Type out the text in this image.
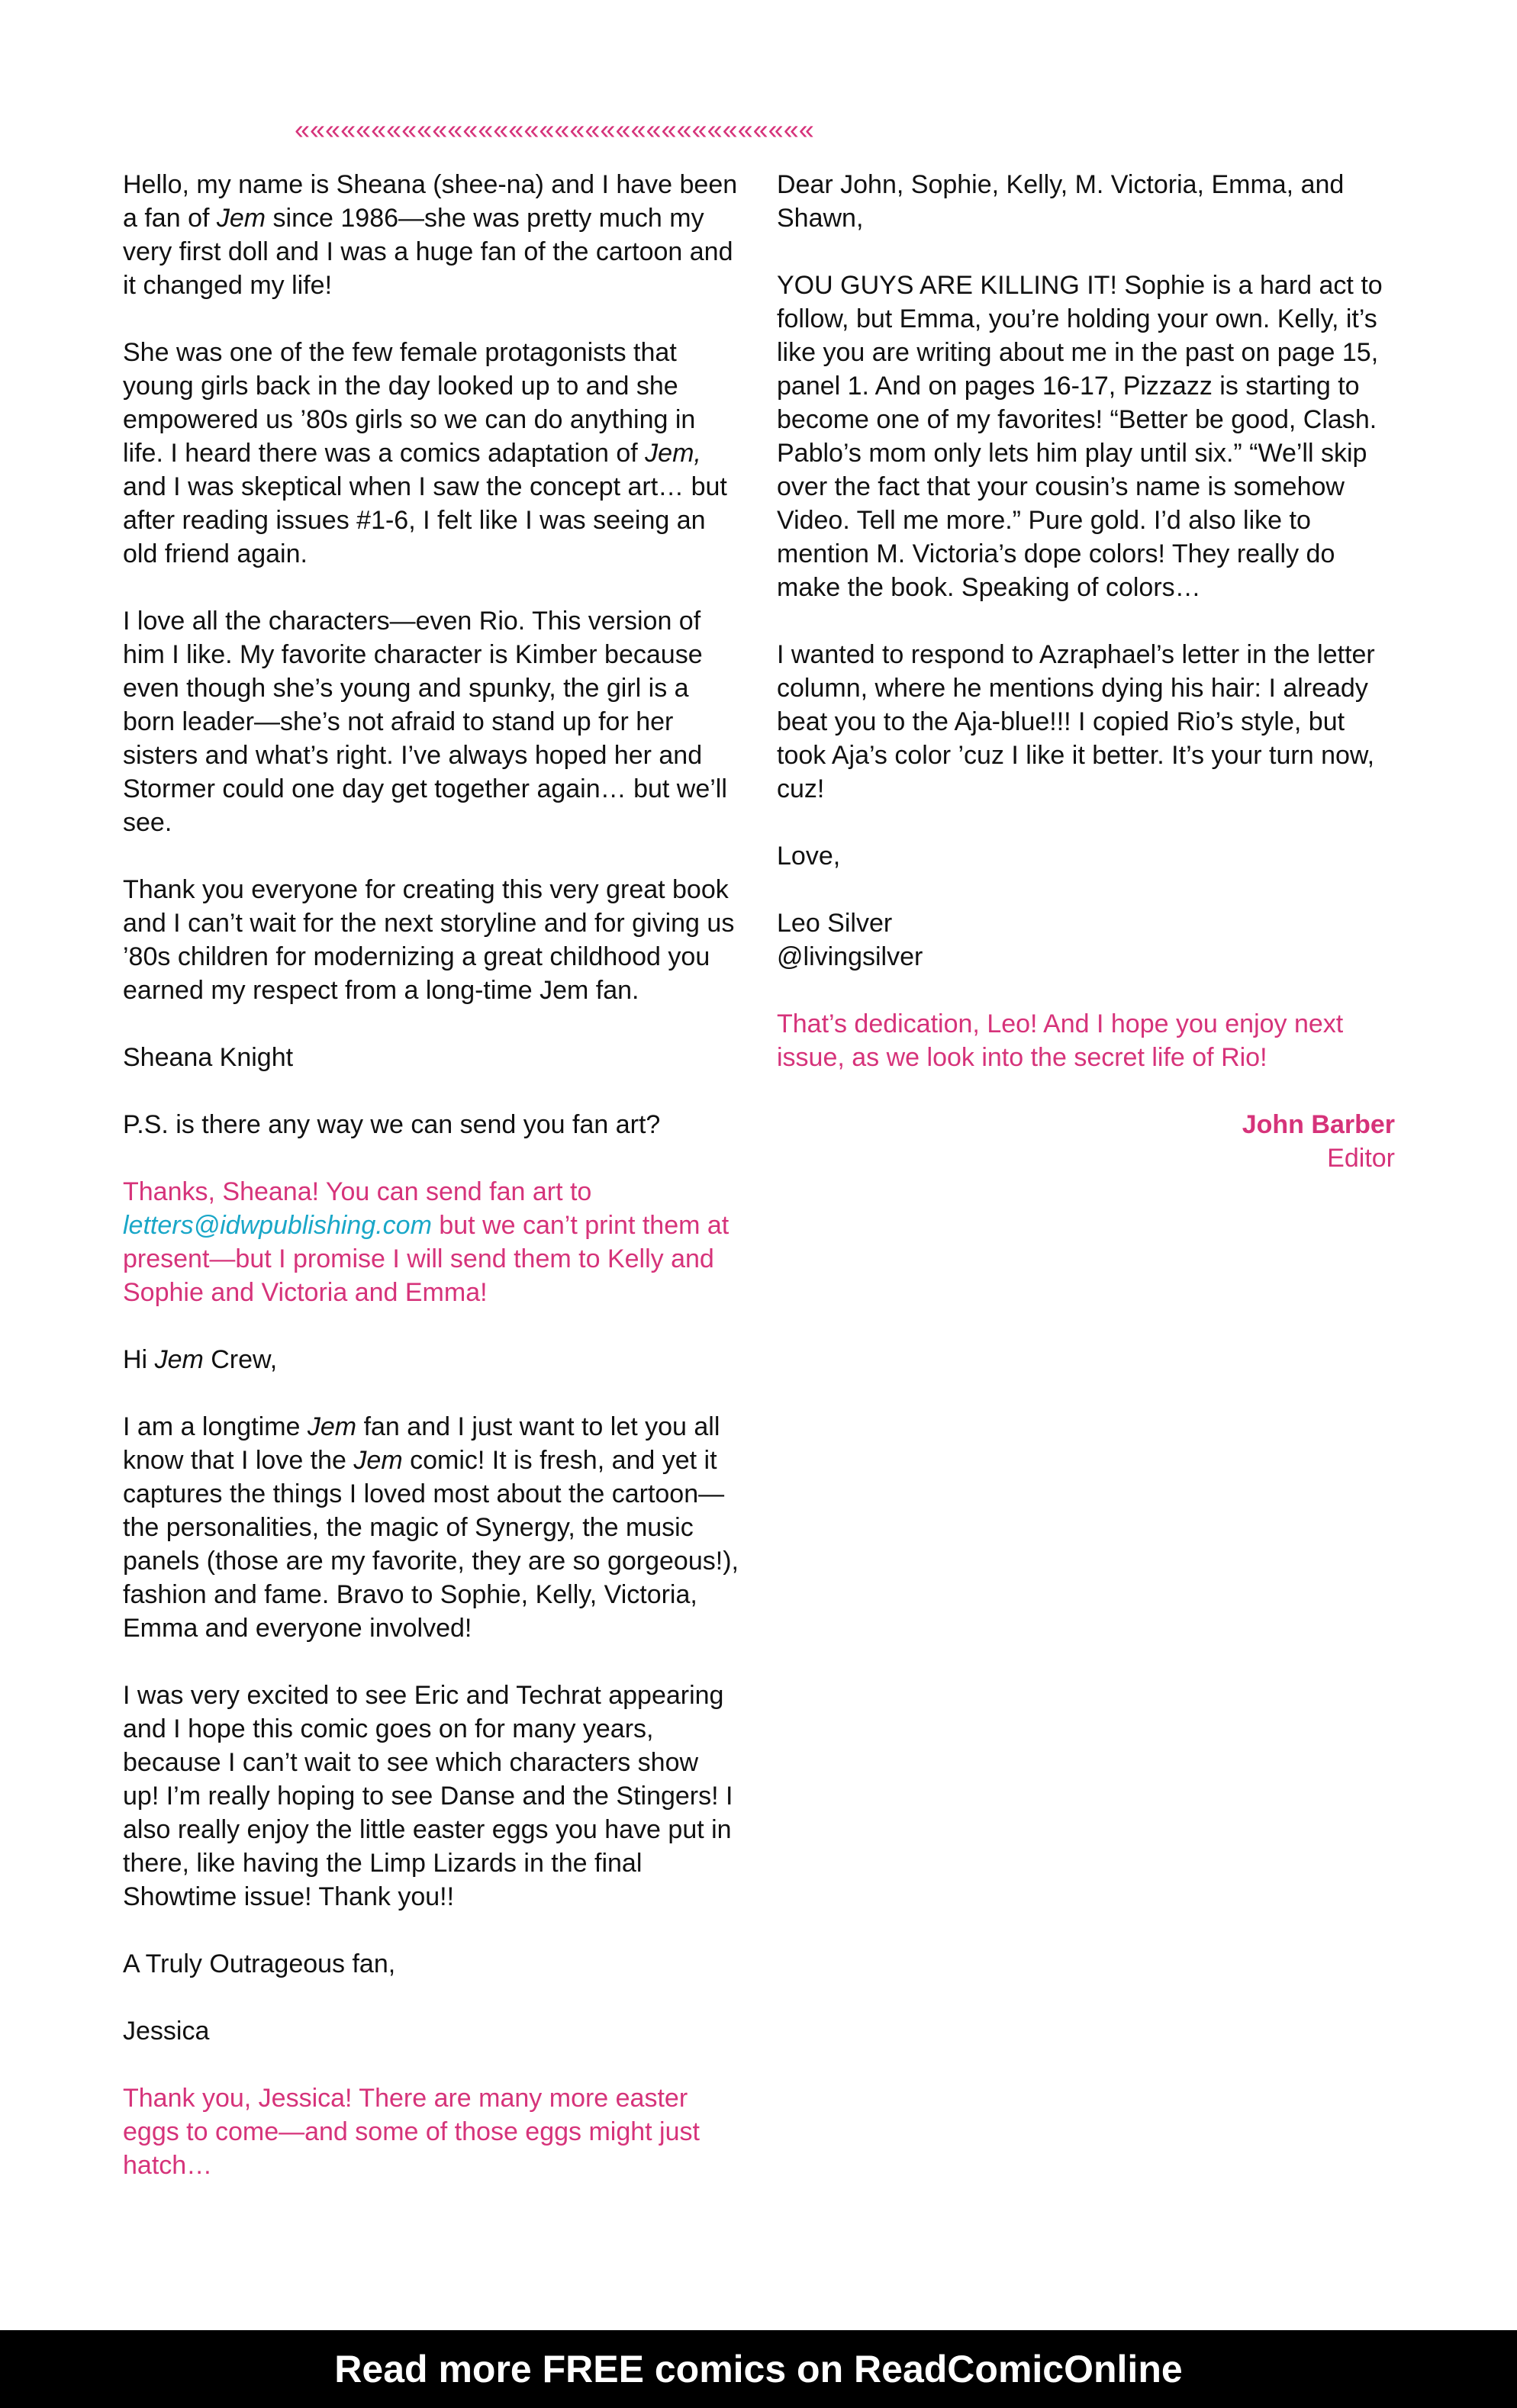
««««««««««««««««««««««««««««««««««

Hello, my name is Sheana (shee-na) and I have been a fan of Jem since 1986—she was pretty much my very first doll and I was a huge fan of the cartoon and it changed my life!

She was one of the few female protagonists that young girls back in the day looked up to and she empowered us ’80s girls so we can do anything in life. I heard there was a comics adaptation of Jem, and I was skeptical when I saw the concept art… but after reading issues #1-6, I felt like I was seeing an old friend again.

I love all the characters—even Rio. This version of him I like. My favorite character is Kimber because even though she’s young and spunky, the girl is a born leader—she’s not afraid to stand up for her sisters and what’s right. I’ve always hoped her and Stormer could one day get together again… but we’ll see.

Thank you everyone for creating this very great book and I can’t wait for the next storyline and for giving us ’80s children for modernizing a great childhood you earned my respect from a long-time Jem fan.

Sheana Knight

P.S. is there any way we can send you fan art?

Thanks, Sheana! You can send fan art to letters@idwpublishing.com but we can’t print them at present—but I promise I will send them to Kelly and Sophie and Victoria and Emma!

Hi Jem Crew,

I am a longtime Jem fan and I just want to let you all know that I love the Jem comic! It is fresh, and yet it captures the things I loved most about the cartoon—the personalities, the magic of Synergy, the music panels (those are my favorite, they are so gorgeous!), fashion and fame. Bravo to Sophie, Kelly, Victoria, Emma and everyone involved!

I was very excited to see Eric and Techrat appearing and I hope this comic goes on for many years, because I can’t wait to see which characters show up! I’m really hoping to see Danse and the Stingers! I also really enjoy the little easter eggs you have put in there, like having the Limp Lizards in the final Showtime issue! Thank you!!

A Truly Outrageous fan,

Jessica

Thank you, Jessica! There are many more easter eggs to come—and some of those eggs might just hatch…

Dear John, Sophie, Kelly, M. Victoria, Emma, and Shawn,

YOU GUYS ARE KILLING IT! Sophie is a hard act to follow, but Emma, you’re holding your own. Kelly, it’s like you are writing about me in the past on page 15, panel 1. And on pages 16-17, Pizzazz is starting to become one of my favorites! “Better be good, Clash. Pablo’s mom only lets him play until six.” “We’ll skip over the fact that your cousin’s name is somehow Video. Tell me more.” Pure gold. I’d also like to mention M. Victoria’s dope colors! They really do make the book. Speaking of colors…

I wanted to respond to Azraphael’s letter in the letter column, where he mentions dying his hair: I already beat you to the Aja-blue!!! I copied Rio’s style, but took Aja’s color ’cuz I like it better. It’s your turn now, cuz!

Love,

Leo Silver
@livingsilver

That’s dedication, Leo! And I hope you enjoy next issue, as we look into the secret life of Rio!

John Barber
Editor
Read more FREE comics on ReadComicOnline
